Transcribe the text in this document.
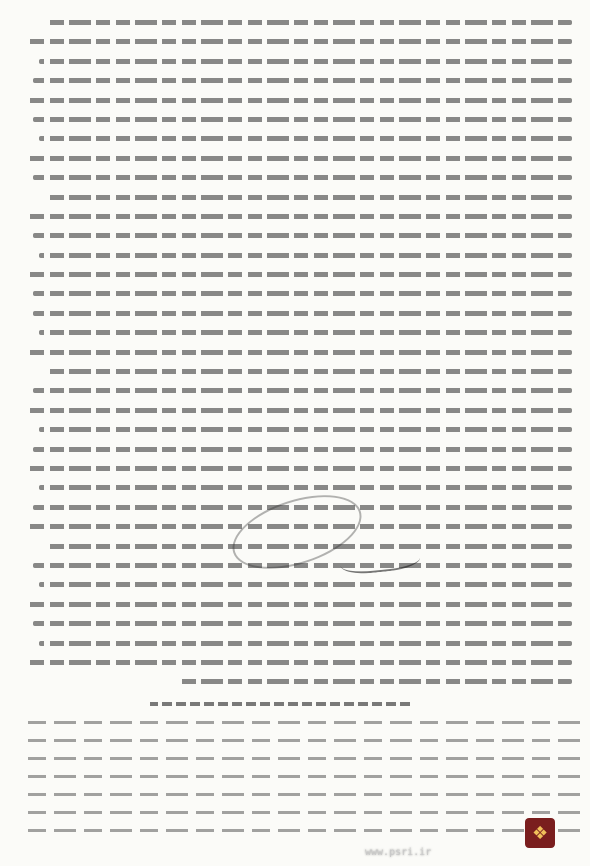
❖
www.psri.ir
